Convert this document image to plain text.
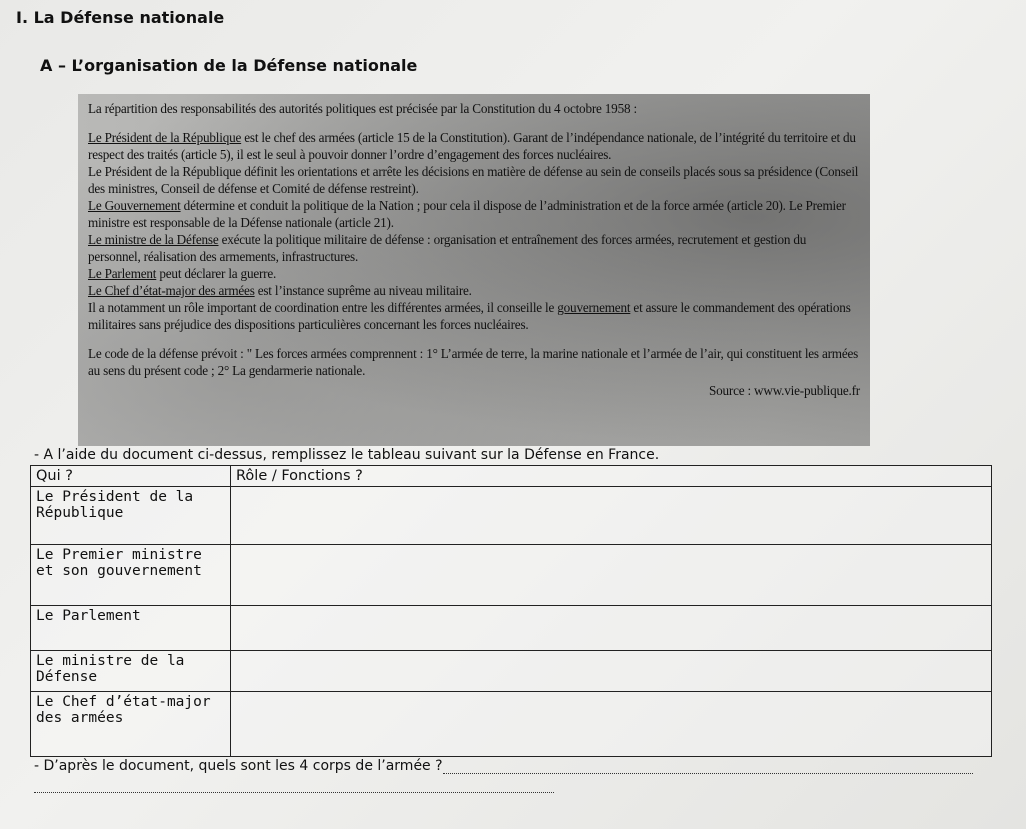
I. La Défense nationale
A – L’organisation de la Défense nationale

La répartition des responsabilités des autorités politiques est précisée par la Constitution du 4 octobre 1958 :

Le Président de la République est le chef des armées (article 15 de la Constitution). Garant de l’indépendance nationale, de l’intégrité du territoire et du respect des traités (article 5), il est le seul à pouvoir donner l’ordre d’engagement des forces nucléaires.

Le Président de la République définit les orientations et arrête les décisions en matière de défense au sein de conseils placés sous sa présidence (Conseil des ministres, Conseil de défense et Comité de défense restreint).

Le Gouvernement détermine et conduit la politique de la Nation ; pour cela il dispose de l’administration et de la force armée (article 20). Le Premier ministre est responsable de la Défense nationale (article 21).

Le ministre de la Défense exécute la politique militaire de défense : organisation et entraînement des forces armées, recrutement et gestion du personnel, réalisation des armements, infrastructures.

Le Parlement peut déclarer la guerre.

Le Chef d’état-major des armées est l’instance suprême au niveau militaire.

Il a notamment un rôle important de coordination entre les différentes armées, il conseille le gouvernement et assure le commandement des opérations militaires sans préjudice des dispositions particulières concernant les forces nucléaires.

Le code de la défense prévoit : " Les forces armées comprennent : 1° L’armée de terre, la marine nationale et l’armée de l’air, qui constituent les armées au sens du présent code ; 2° La gendarmerie nationale.

Source : www.vie-publique.fr

- A l’aide du document ci-dessus, remplissez le tableau suivant sur la Défense en France.
Qui ?	Rôle / Fonctions ?
Le Président de la République	
Le Premier ministre et son gouvernement	
Le Parlement	
Le ministre de la Défense	
Le Chef d’état-major des armées	
- D’après le document, quels sont les 4 corps de l’armée ?
